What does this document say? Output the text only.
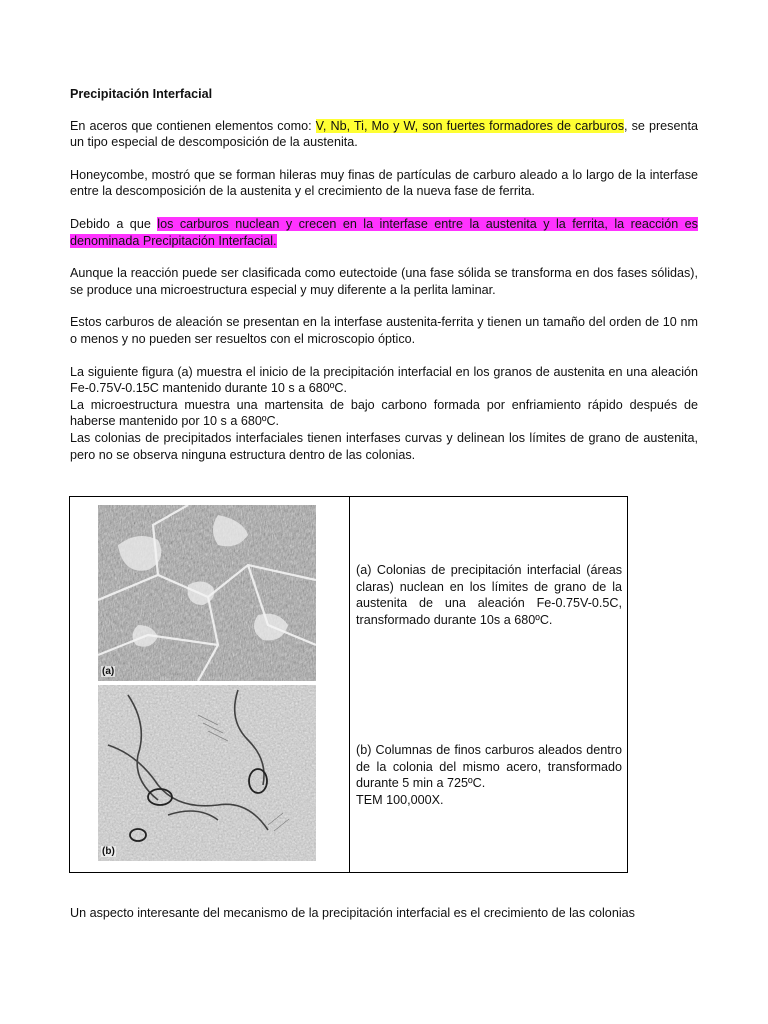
Precipitación Interfacial

En aceros que contienen elementos como: V, Nb, Ti, Mo y W, son fuertes formadores de carburos, se presenta un tipo especial de descomposición de la austenita.

Honeycombe, mostró que se forman hileras muy finas de partículas de carburo aleado a lo largo de la interfase entre la descomposición de la austenita y el crecimiento de la nueva fase de ferrita.

Debido a que los carburos nuclean y crecen en la interfase entre la austenita y la ferrita, la reacción es denominada Precipitación Interfacial.

Aunque la reacción puede ser clasificada como eutectoide (una fase sólida se transforma en dos fases sólidas), se produce una microestructura especial y muy diferente a la perlita laminar.

Estos carburos de aleación se presentan en la interfase austenita-ferrita y tienen un tamaño del orden de 10 nm o menos y no pueden ser resueltos con el microscopio óptico.

La siguiente figura (a) muestra el inicio de la precipitación interfacial en los granos de austenita en una aleación Fe-0.75V-0.15C mantenido durante 10 s a 680ºC.

La microestructura muestra una martensita de bajo carbono formada por enfriamiento rápido después de haberse mantenido por 10 s a 680ºC.

Las colonias de precipitados interfaciales tienen interfases curvas y delinean los límites de grano de austenita, pero no se observa ninguna estructura dentro de las colonias.

(a)
(b)

(a) Colonias de precipitación interfacial (áreas claras) nuclean en los límites de grano de la austenita de una aleación Fe-0.75V-0.5C, transformado durante 10s a 680ºC.

(b) Columnas de finos carburos aleados dentro de la colonia del mismo acero, transformado durante 5 min a 725ºC.
TEM 100,000X.

Un aspecto interesante del mecanismo de la precipitación interfacial es el crecimiento de las colonias
